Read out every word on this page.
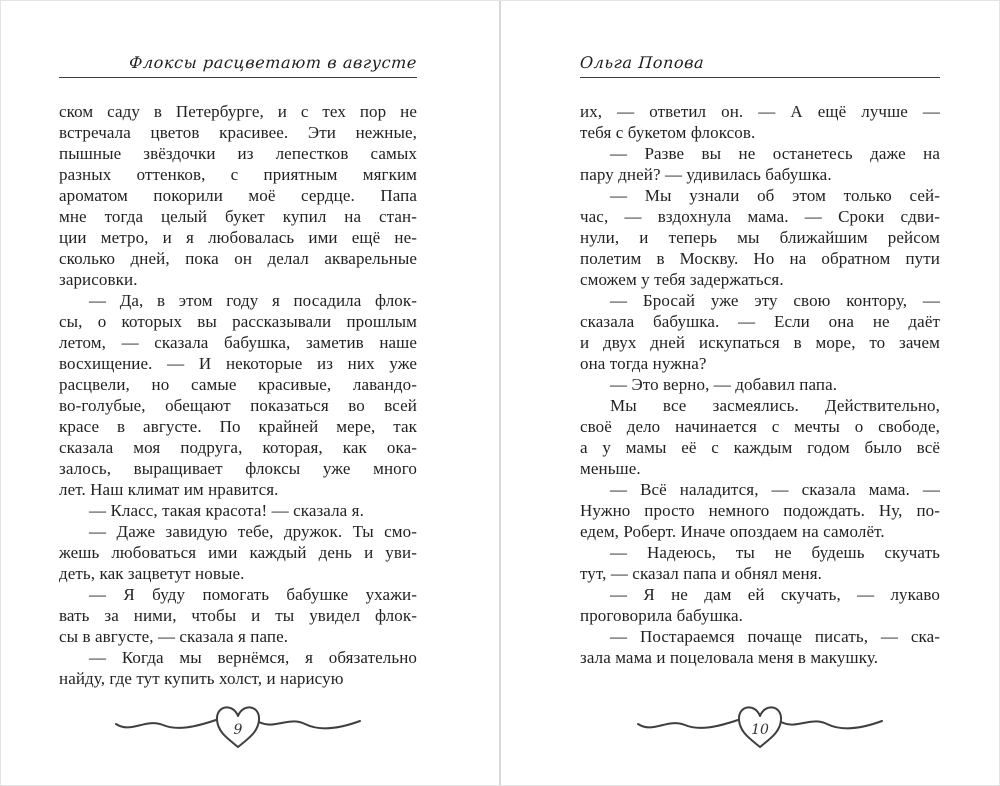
Флоксы расцветают в августе
ском саду в Петербурге, и с тех пор не
встречала цветов красивее. Эти нежные,
пышные звёздочки из лепестков самых
разных оттенков, с приятным мягким
ароматом покорили моё сердце. Папа
мне тогда целый букет купил на стан-
ции метро, и я любовалась ими ещё не-
сколько дней, пока он делал акварельные
зарисовки.
— Да, в этом году я посадила флок-
сы, о которых вы рассказывали прошлым
летом, — сказала бабушка, заметив наше
восхищение. — И некоторые из них уже
расцвели, но самые красивые, лавандо-
во-голубые, обещают показаться во всей
красе в августе. По крайней мере, так
сказала моя подруга, которая, как ока-
залось, выращивает флоксы уже много
лет. Наш климат им нравится.
— Класс, такая красота! — сказала я.
— Даже завидую тебе, дружок. Ты смо-
жешь любоваться ими каждый день и уви-
деть, как зацветут новые.
— Я буду помогать бабушке ухажи-
вать за ними, чтобы и ты увидел флок-
сы в августе, — сказала я папе.
— Когда мы вернёмся, я обязательно
найду, где тут купить холст, и нарисую
9
Ольга Попова
их, — ответил он. — А ещё лучше —
тебя с букетом флоксов.
— Разве вы не останетесь даже на
пару дней? — удивилась бабушка.
— Мы узнали об этом только сей-
час, — вздохнула мама. — Сроки сдви-
нули, и теперь мы ближайшим рейсом
полетим в Москву. Но на обратном пути
сможем у тебя задержаться.
— Бросай уже эту свою контору, —
сказала бабушка. — Если она не даёт
и двух дней искупаться в море, то зачем
она тогда нужна?
— Это верно, — добавил папа.
Мы все засмеялись. Действительно,
своё дело начинается с мечты о свободе,
а у мамы её с каждым годом было всё
меньше.
— Всё наладится, — сказала мама. —
Нужно просто немного подождать. Ну, по-
едем, Роберт. Иначе опоздаем на самолёт.
— Надеюсь, ты не будешь скучать
тут, — сказал папа и обнял меня.
— Я не дам ей скучать, — лукаво
проговорила бабушка.
— Постараемся почаще писать, — ска-
зала мама и поцеловала меня в макушку.
10
